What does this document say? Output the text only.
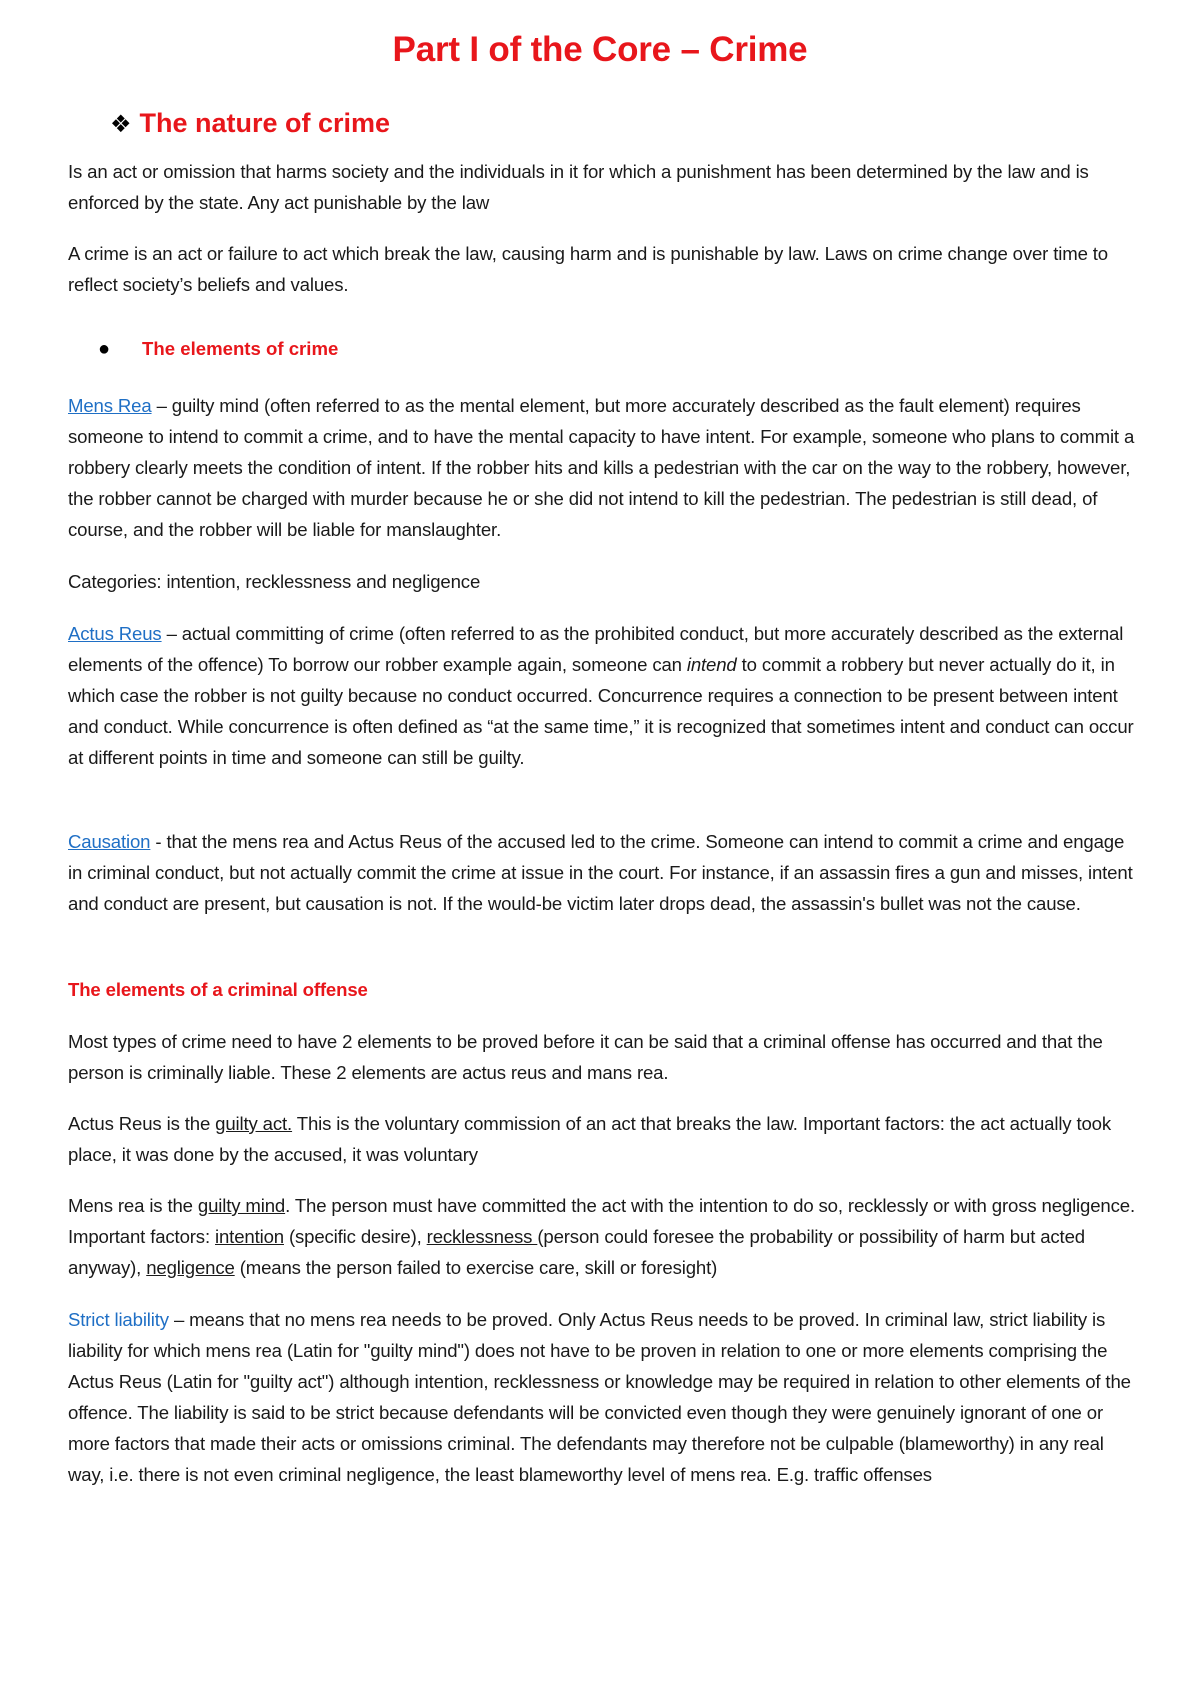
Part I of the Core – Crime
❖ The nature of crime
Is an act or omission that harms society and the individuals in it for which a punishment has been determined by the law and is enforced by the state. Any act punishable by the law
A crime is an act or failure to act which break the law, causing harm and is punishable by law. Laws on crime change over time to reflect society’s beliefs and values.
● The elements of crime
Mens Rea – guilty mind (often referred to as the mental element, but more accurately described as the fault element) requires someone to intend to commit a crime, and to have the mental capacity to have intent. For example, someone who plans to commit a robbery clearly meets the condition of intent. If the robber hits and kills a pedestrian with the car on the way to the robbery, however, the robber cannot be charged with murder because he or she did not intend to kill the pedestrian. The pedestrian is still dead, of course, and the robber will be liable for manslaughter.
Categories: intention, recklessness and negligence
Actus Reus – actual committing of crime (often referred to as the prohibited conduct, but more accurately described as the external elements of the offence) To borrow our robber example again, someone can intend to commit a robbery but never actually do it, in which case the robber is not guilty because no conduct occurred. Concurrence requires a connection to be present between intent and conduct. While concurrence is often defined as “at the same time,” it is recognized that sometimes intent and conduct can occur at different points in time and someone can still be guilty.
Causation - that the mens rea and Actus Reus of the accused led to the crime. Someone can intend to commit a crime and engage in criminal conduct, but not actually commit the crime at issue in the court. For instance, if an assassin fires a gun and misses, intent and conduct are present, but causation is not. If the would-be victim later drops dead, the assassin's bullet was not the cause.
The elements of a criminal offense
Most types of crime need to have 2 elements to be proved before it can be said that a criminal offense has occurred and that the person is criminally liable. These 2 elements are actus reus and mans rea.
Actus Reus is the guilty act. This is the voluntary commission of an act that breaks the law. Important factors: the act actually took place, it was done by the accused, it was voluntary
Mens rea is the guilty mind. The person must have committed the act with the intention to do so, recklessly or with gross negligence. Important factors: intention (specific desire), recklessness (person could foresee the probability or possibility of harm but acted anyway), negligence (means the person failed to exercise care, skill or foresight)
Strict liability – means that no mens rea needs to be proved. Only Actus Reus needs to be proved. In criminal law, strict liability is liability for which mens rea (Latin for "guilty mind") does not have to be proven in relation to one or more elements comprising the Actus Reus (Latin for "guilty act") although intention, recklessness or knowledge may be required in relation to other elements of the offence. The liability is said to be strict because defendants will be convicted even though they were genuinely ignorant of one or more factors that made their acts or omissions criminal. The defendants may therefore not be culpable (blameworthy) in any real way, i.e. there is not even criminal negligence, the least blameworthy level of mens rea. E.g. traffic offenses
